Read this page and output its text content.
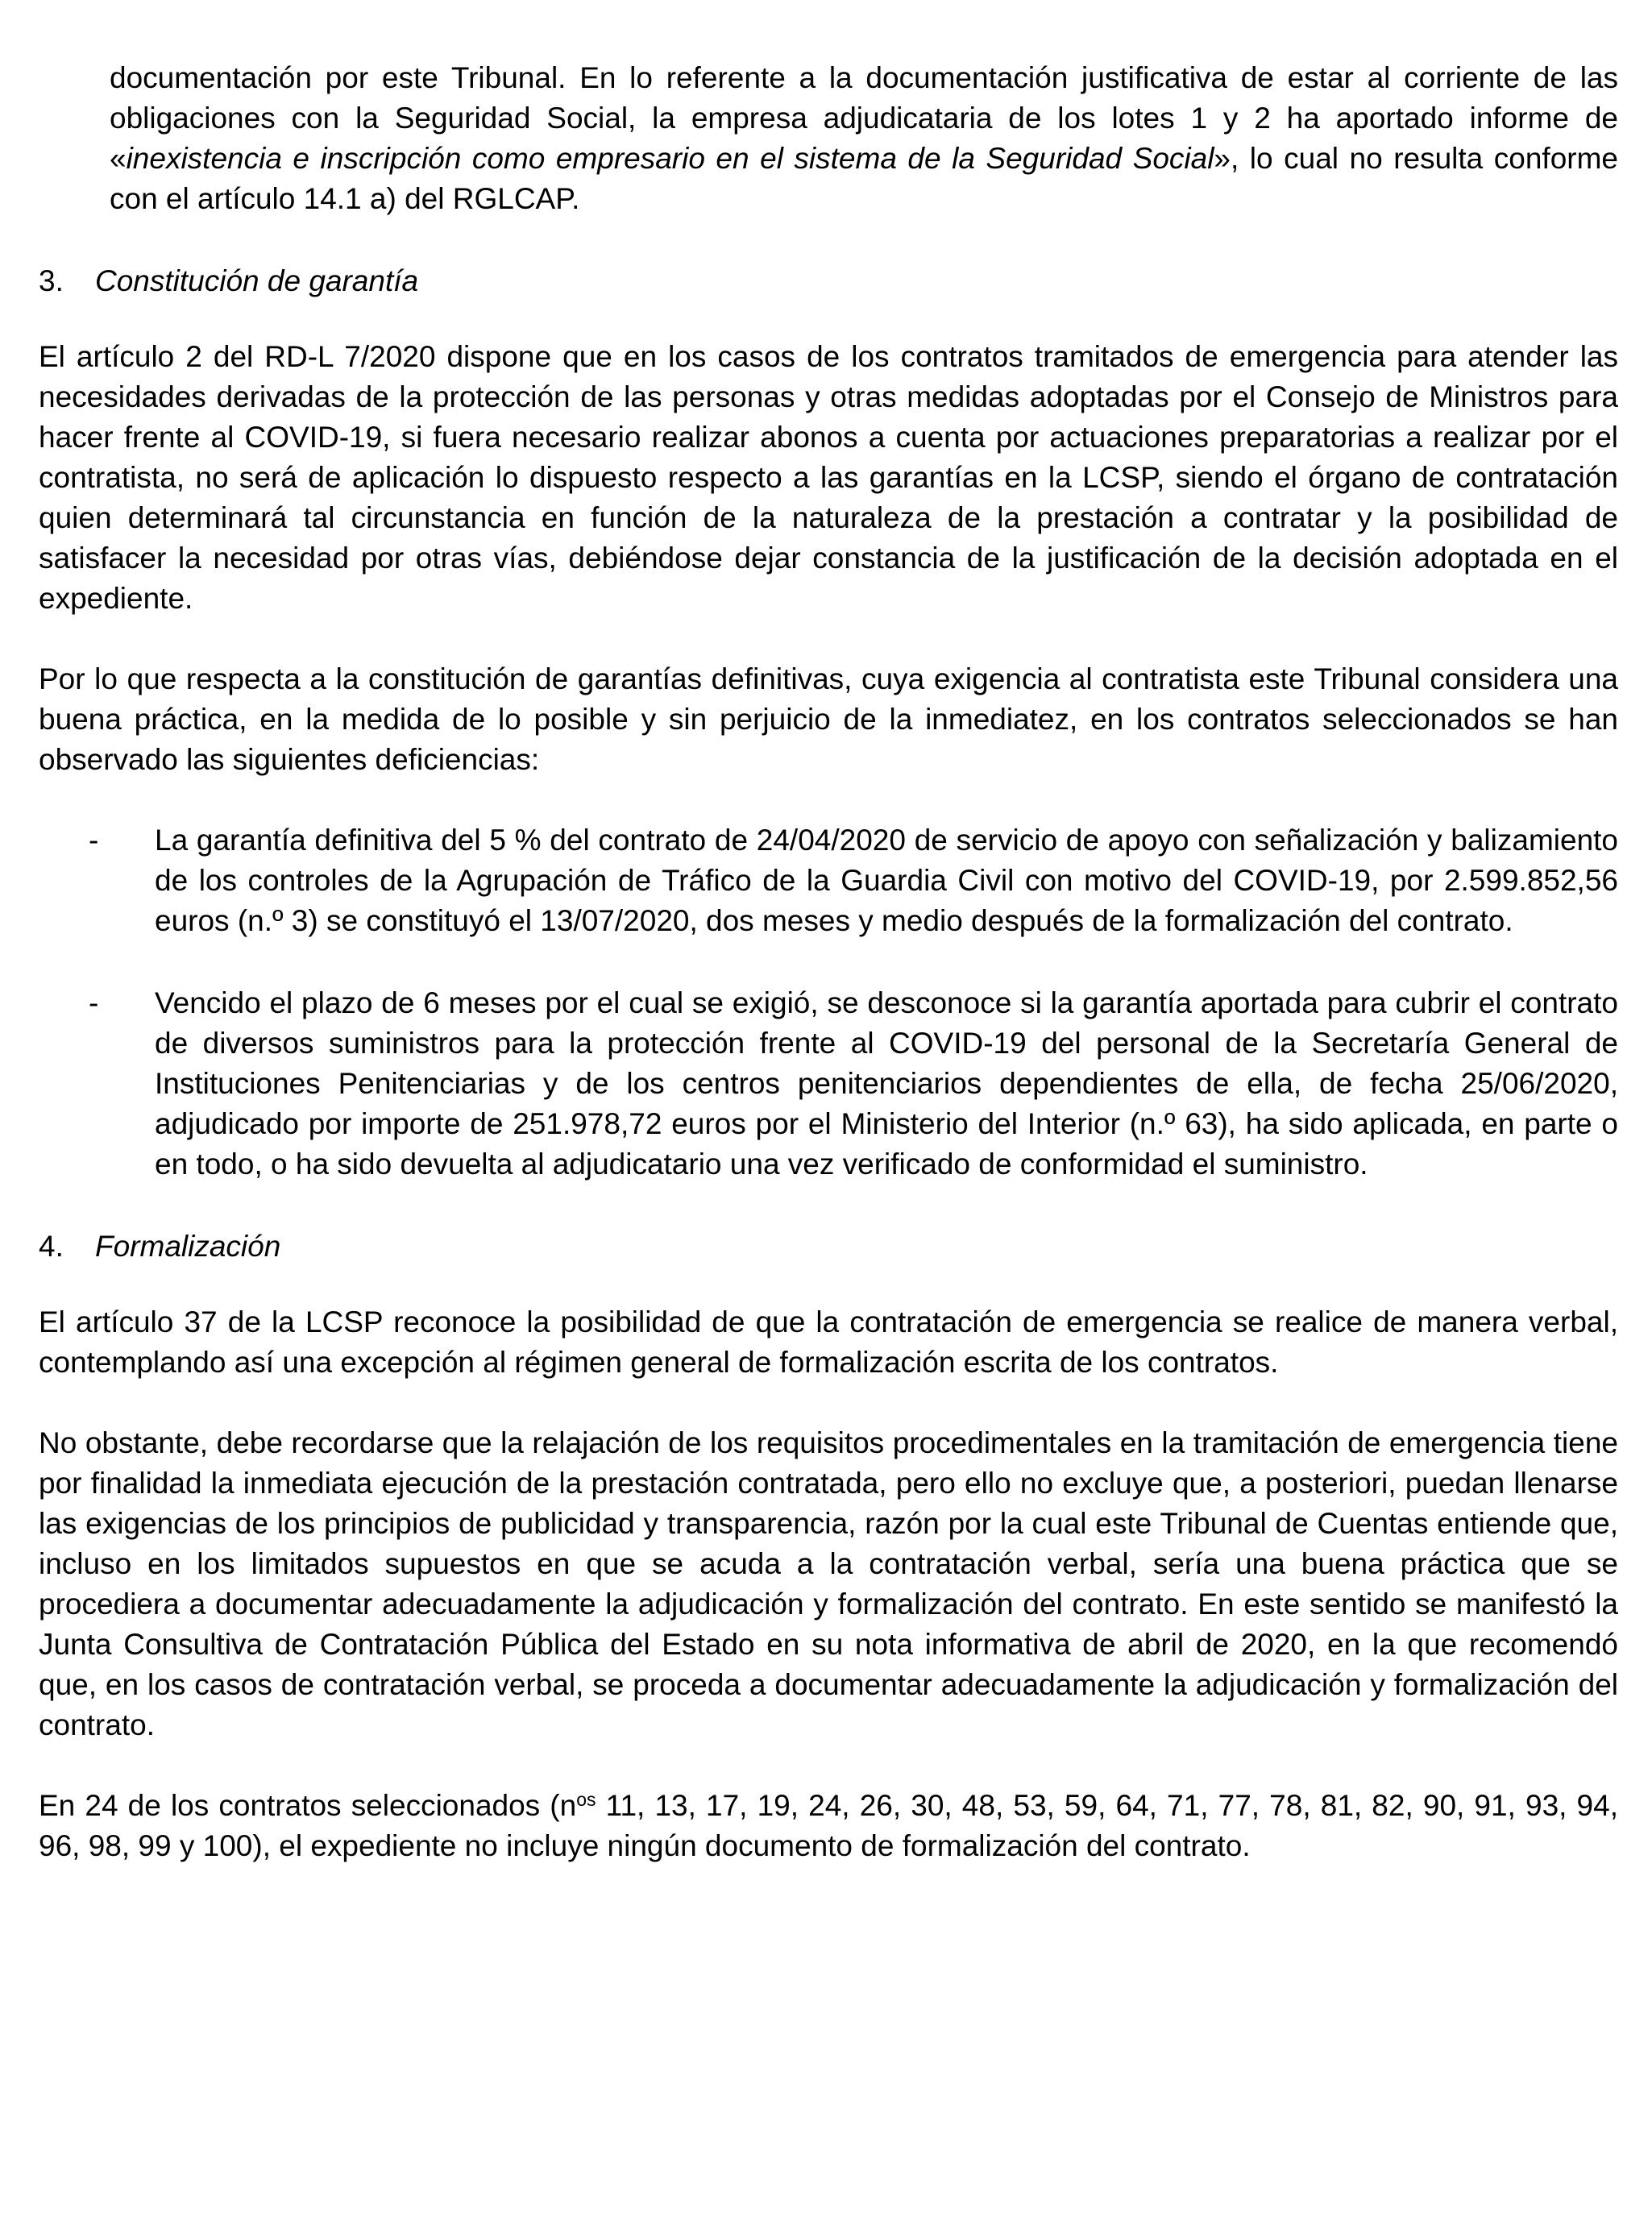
documentación por este Tribunal. En lo referente a la documentación justificativa de estar al corriente de las obligaciones con la Seguridad Social, la empresa adjudicataria de los lotes 1 y 2 ha aportado informe de «inexistencia e inscripción como empresario en el sistema de la Seguridad Social», lo cual no resulta conforme con el artículo 14.1 a) del RGLCAP.

3.	Constitución de garantía

El artículo 2 del RD-L 7/2020 dispone que en los casos de los contratos tramitados de emergencia para atender las necesidades derivadas de la protección de las personas y otras medidas adoptadas por el Consejo de Ministros para hacer frente al COVID-19, si fuera necesario realizar abonos a cuenta por actuaciones preparatorias a realizar por el contratista, no será de aplicación lo dispuesto respecto a las garantías en la LCSP, siendo el órgano de contratación quien determinará tal circunstancia en función de la naturaleza de la prestación a contratar y la posibilidad de satisfacer la necesidad por otras vías, debiéndose dejar constancia de la justificación de la decisión adoptada en el expediente.

Por lo que respecta a la constitución de garantías definitivas, cuya exigencia al contratista este Tribunal considera una buena práctica, en la medida de lo posible y sin perjuicio de la inmediatez, en los contratos seleccionados se han observado las siguientes deficiencias:

-	La garantía definitiva del 5 % del contrato de 24/04/2020 de servicio de apoyo con señalización y balizamiento de los controles de la Agrupación de Tráfico de la Guardia Civil con motivo del COVID-19, por 2.599.852,56 euros (n.º 3) se constituyó el 13/07/2020, dos meses y medio después de la formalización del contrato.

-	Vencido el plazo de 6 meses por el cual se exigió, se desconoce si la garantía aportada para cubrir el contrato de diversos suministros para la protección frente al COVID-19 del personal de la Secretaría General de Instituciones Penitenciarias y de los centros penitenciarios dependientes de ella, de fecha 25/06/2020, adjudicado por importe de 251.978,72 euros por el Ministerio del Interior (n.º 63), ha sido aplicada, en parte o en todo, o ha sido devuelta al adjudicatario una vez verificado de conformidad el suministro.

4.	Formalización

El artículo 37 de la LCSP reconoce la posibilidad de que la contratación de emergencia se realice de manera verbal, contemplando así una excepción al régimen general de formalización escrita de los contratos.

No obstante, debe recordarse que la relajación de los requisitos procedimentales en la tramitación de emergencia tiene por finalidad la inmediata ejecución de la prestación contratada, pero ello no excluye que, a posteriori, puedan llenarse las exigencias de los principios de publicidad y transparencia, razón por la cual este Tribunal de Cuentas entiende que, incluso en los limitados supuestos en que se acuda a la contratación verbal, sería una buena práctica que se procediera a documentar adecuadamente la adjudicación y formalización del contrato. En este sentido se manifestó la Junta Consultiva de Contratación Pública del Estado en su nota informativa de abril de 2020, en la que recomendó que, en los casos de contratación verbal, se proceda a documentar adecuadamente la adjudicación y formalización del contrato.

En 24 de los contratos seleccionados ($n^{os}$ 11, 13, 17, 19, 24, 26, 30, 48, 53, 59, 64, 71, 77, 78, 81, 82, 90, 91, 93, 94, 96, 98, 99 y 100), el expediente no incluye ningún documento de formalización del contrato.
